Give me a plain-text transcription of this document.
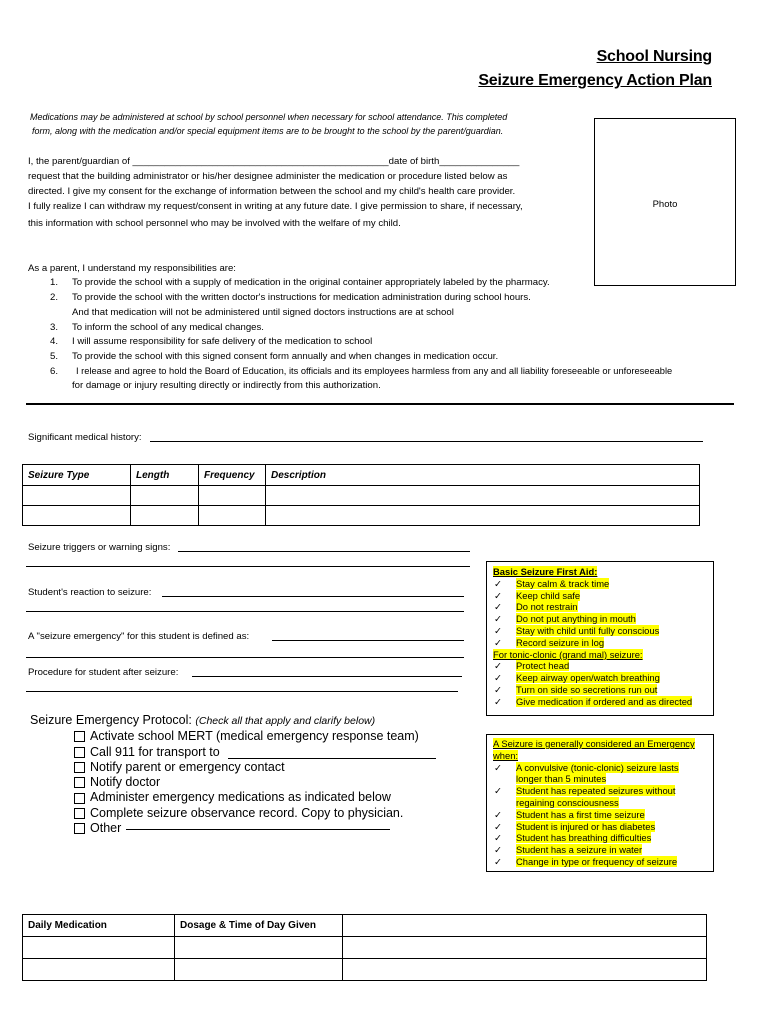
School Nursing
Seizure Emergency Action Plan
Medications may be administered at school by school personnel when necessary for school attendance. This completed
form, along with the medication and/or special equipment items are to be brought to the school by the parent/guardian.
I, the parent/guardian of ________________________________________________date of birth_______________
request that the building administrator or his/her designee administer the medication or procedure listed below as
directed. I give my consent for the exchange of information between the school and my child's health care provider.
I fully realize I can withdraw my request/consent in writing at any future date. I give permission to share, if necessary,
this information with school personnel who may be involved with the welfare of my child.
Photo
As a parent, I understand my responsibilities are:
1. To provide the school with a supply of medication in the original container appropriately labeled by the pharmacy.
2. To provide the school with the written doctor's instructions for medication administration during school hours.
And that medication will not be administered until signed doctors instructions are at school
3. To inform the school of any medical changes.
4. I will assume responsibility for safe delivery of the medication to school
5. To provide the school with this signed consent form annually and when changes in medication occur.
6. I release and agree to hold the Board of Education, its officials and its employees harmless from any and all liability foreseeable or unforeseeable
for damage or injury resulting directly or indirectly from this authorization.
Significant medical history:
Seizure Type	Length	Frequency	Description

Seizure triggers or warning signs:
Student's reaction to seizure:
A "seizure emergency" for this student is defined as:
Procedure for student after seizure:
Basic Seizure First Aid:
✓	Stay calm & track time
✓	Keep child safe
✓	Do not restrain
✓	Do not put anything in mouth
✓	Stay with child until fully conscious
✓	Record seizure in log
For tonic-clonic (grand mal) seizure:
✓	Protect head
✓	Keep airway open/watch breathing
✓	Turn on side so secretions run out
✓	Give medication if ordered and as directed
A Seizure is generally considered an Emergency
when:
✓	A convulsive (tonic-clonic) seizure lasts
longer than 5 minutes
✓	Student has repeated seizures without
regaining consciousness
✓	Student has a first time seizure
✓	Student is injured or has diabetes
✓	Student has breathing difficulties
✓	Student has a seizure in water
✓	Change in type or frequency of seizure
Seizure Emergency Protocol: (Check all that apply and clarify below)
Activate school MERT (medical emergency response team)
Call 911 for transport to
Notify parent or emergency contact
Notify doctor
Administer emergency medications as indicated below
Complete seizure observance record. Copy to physician.
Other
Daily Medication	Dosage & Time of Day Given	
